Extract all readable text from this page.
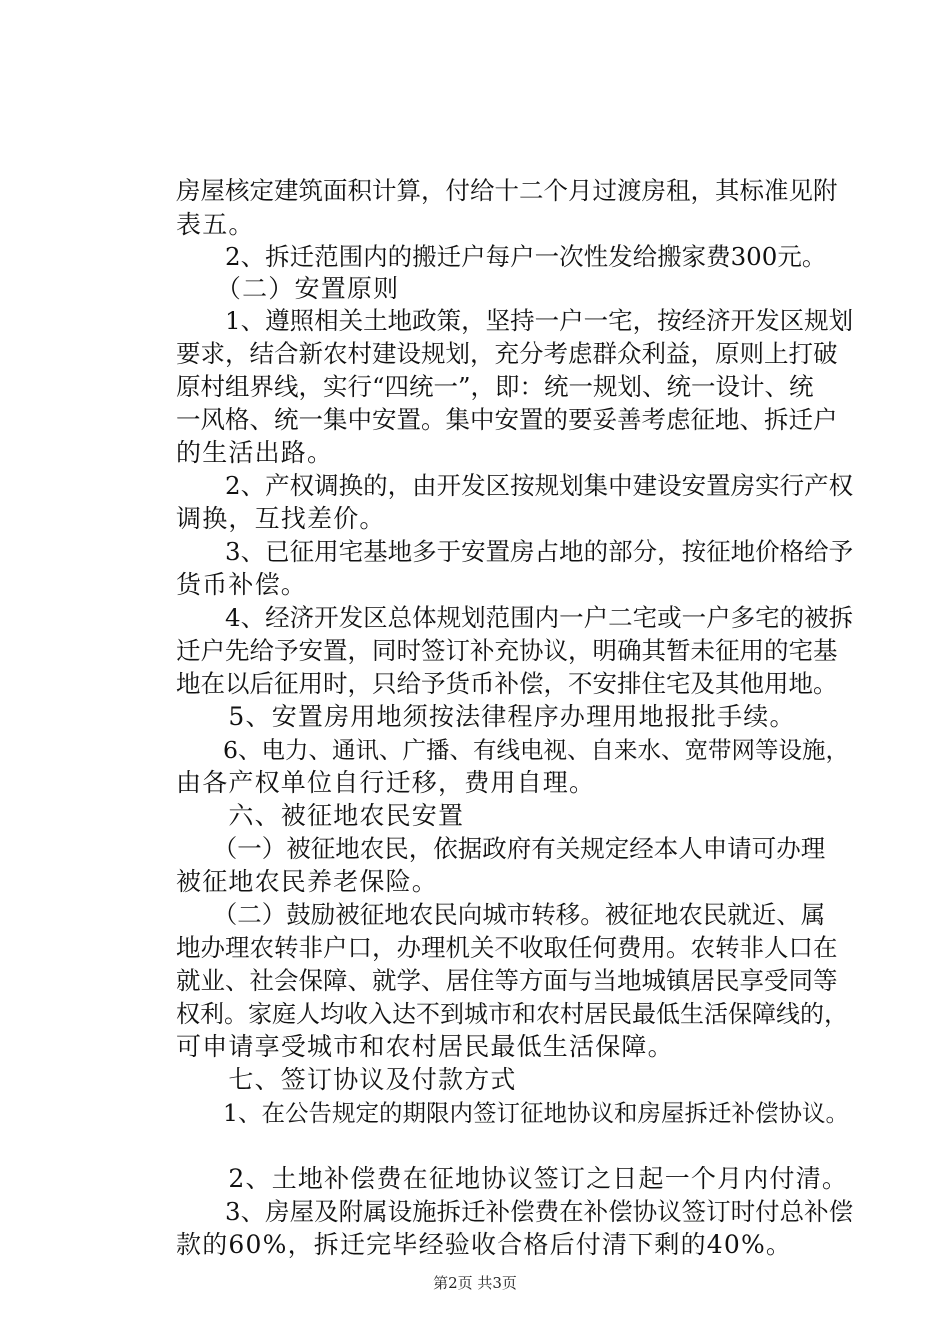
房屋核定建筑面积计算，付给十二个月过渡房租，其标准见附
表五。
　　2、拆迁范围内的搬迁户每户一次性发给搬家费300元。
　　（二）安置原则
　　1、遵照相关土地政策，坚持一户一宅，按经济开发区规划
要求，结合新农村建设规划，充分考虑群众利益，原则上打破
原村组界线，实行“四统一”，即：统一规划、统一设计、统
一风格、统一集中安置。集中安置的要妥善考虑征地、拆迁户
的生活出路。
　　2、产权调换的，由开发区按规划集中建设安置房实行产权
调换，互找差价。
　　3、已征用宅基地多于安置房占地的部分，按征地价格给予
货币补偿。
　　4、经济开发区总体规划范围内一户二宅或一户多宅的被拆
迁户先给予安置，同时签订补充协议，明确其暂未征用的宅基
地在以后征用时，只给予货币补偿，不安排住宅及其他用地。
　　5、安置房用地须按法律程序办理用地报批手续。
　　6、电力、通讯、广播、有线电视、自来水、宽带网等设施，
由各产权单位自行迁移，费用自理。
　　六、被征地农民安置
　　（一）被征地农民，依据政府有关规定经本人申请可办理
被征地农民养老保险。
　　（二）鼓励被征地农民向城市转移。被征地农民就近、属
地办理农转非户口，办理机关不收取任何费用。农转非人口在
就业、社会保障、就学、居住等方面与当地城镇居民享受同等
权利。家庭人均收入达不到城市和农村居民最低生活保障线的，
可申请享受城市和农村居民最低生活保障。
　　七、签订协议及付款方式
　　1、在公告规定的期限内签订征地协议和房屋拆迁补偿协议。
　　2、土地补偿费在征地协议签订之日起一个月内付清。
　　3、房屋及附属设施拆迁补偿费在补偿协议签订时付总补偿
款的60%，拆迁完毕经验收合格后付清下剩的40%。
第2页 共3页
